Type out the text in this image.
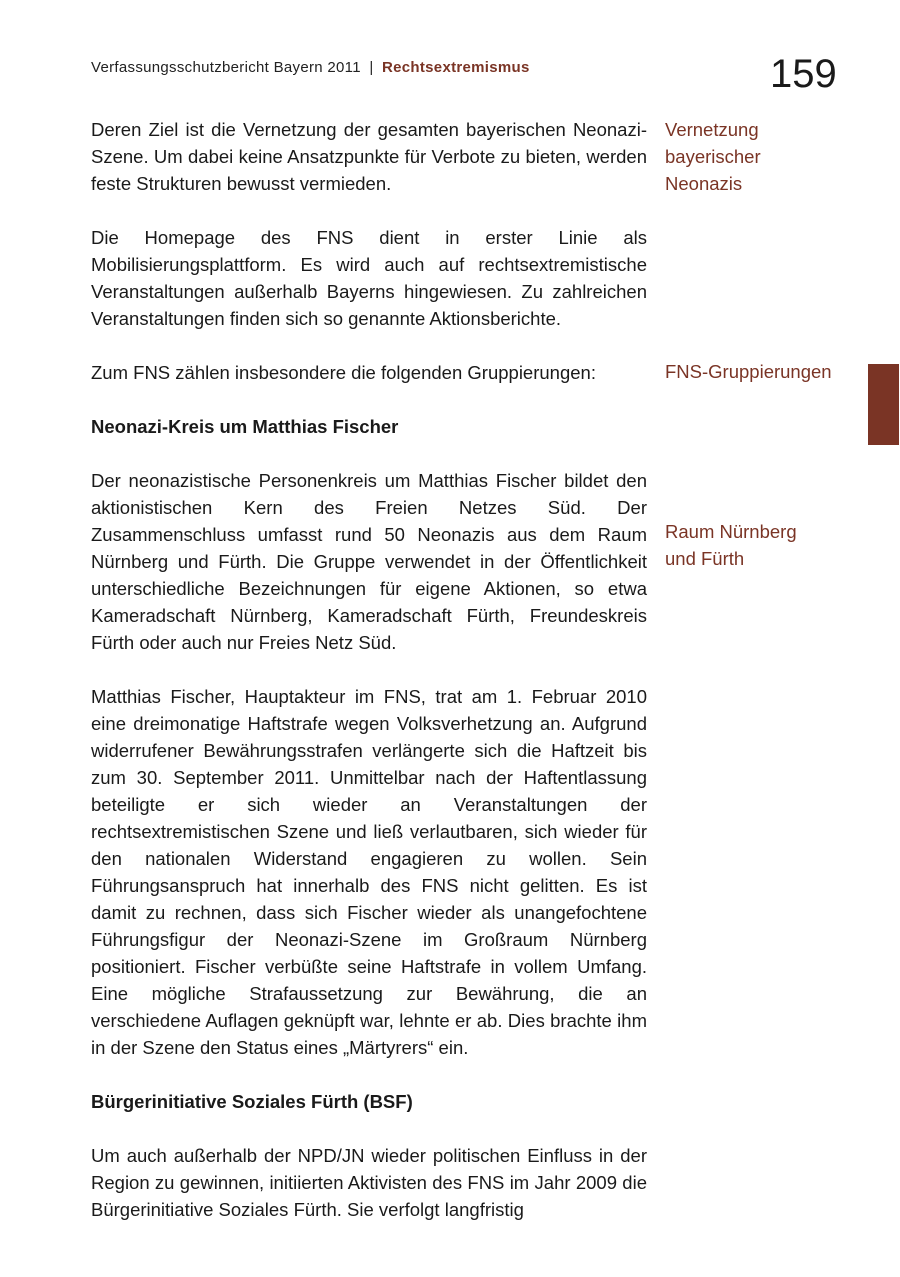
Verfassungsschutzbericht Bayern 2011 | Rechtsextremismus	159
Vernetzung
bayerischer
Neonazis
FNS-Gruppierungen
Raum Nürnberg
und Fürth

Deren Ziel ist die Vernetzung der gesamten bayerischen Neonazi-Szene. Um dabei keine Ansatzpunkte für Verbote zu bieten, werden feste Strukturen bewusst vermieden.

Die Homepage des FNS dient in erster Linie als Mobilisierungsplattform. Es wird auch auf rechtsextremistische Veranstaltungen außerhalb Bayerns hingewiesen. Zu zahlreichen Veranstaltungen finden sich so genannte Aktionsberichte.

Zum FNS zählen insbesondere die folgenden Gruppierungen:

Neonazi-Kreis um Matthias Fischer

Der neonazistische Personenkreis um Matthias Fischer bildet den aktionistischen Kern des Freien Netzes Süd. Der Zusammenschluss umfasst rund 50 Neonazis aus dem Raum Nürnberg und Fürth. Die Gruppe verwendet in der Öffentlichkeit unterschiedliche Bezeichnungen für eigene Aktionen, so etwa Kameradschaft Nürnberg, Kameradschaft Fürth, Freundeskreis Fürth oder auch nur Freies Netz Süd.

Matthias Fischer, Hauptakteur im FNS, trat am 1. Februar 2010 eine dreimonatige Haftstrafe wegen Volksverhetzung an. Aufgrund widerrufener Bewährungsstrafen verlängerte sich die Haftzeit bis zum 30. September 2011. Unmittelbar nach der Haftentlassung beteiligte er sich wieder an Veranstaltungen der rechtsextremistischen Szene und ließ verlautbaren, sich wieder für den nationalen Widerstand engagieren zu wollen. Sein Führungsanspruch hat innerhalb des FNS nicht gelitten. Es ist damit zu rechnen, dass sich Fischer wieder als unangefochtene Führungsfigur der Neonazi-Szene im Großraum Nürnberg positioniert. Fischer verbüßte seine Haftstrafe in vollem Umfang. Eine mögliche Strafaussetzung zur Bewährung, die an verschiedene Auflagen geknüpft war, lehnte er ab. Dies brachte ihm in der Szene den Status eines „Märtyrers“ ein.

Bürgerinitiative Soziales Fürth (BSF)

Um auch außerhalb der NPD/JN wieder politischen Einfluss in der Region zu gewinnen, initiierten Aktivisten des FNS im Jahr 2009 die Bürgerinitiative Soziales Fürth. Sie verfolgt langfristig
